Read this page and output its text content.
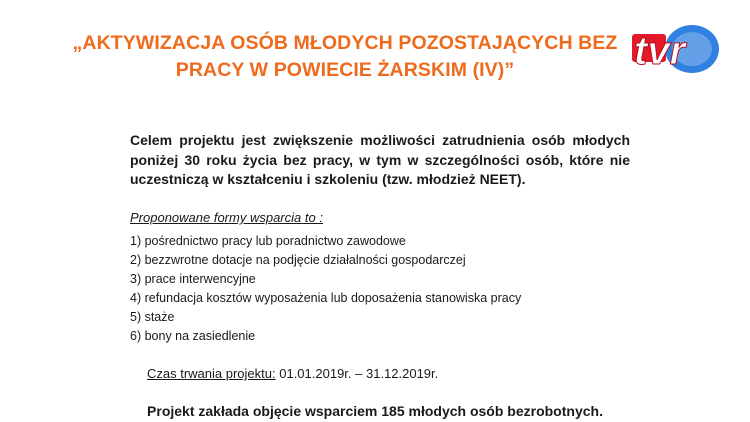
„AKTYWIZACJA OSÓB MŁODYCH POZOSTAJĄCYCH BEZ
PRACY W POWIECIE ŻARSKIM (IV)”	tvr
Celem projektu jest zwiększenie możliwości zatrudnienia osób młodych poniżej 30 roku życia bez pracy, w tym w szczególności osób, które nie uczestniczą w kształceniu i szkoleniu (tzw. młodzież NEET).
Proponowane formy wsparcia to :
1) pośrednictwo pracy lub poradnictwo zawodowe
2) bezzwrotne dotacje na podjęcie działalności gospodarczej
3) prace interwencyjne
4) refundacja kosztów wyposażenia lub doposażenia stanowiska pracy
5) staże
6) bony na zasiedlenie
Czas trwania projektu: 01.01.2019r. – 31.12.2019r.
Projekt zakłada objęcie wsparciem 185 młodych osób bezrobotnych.
